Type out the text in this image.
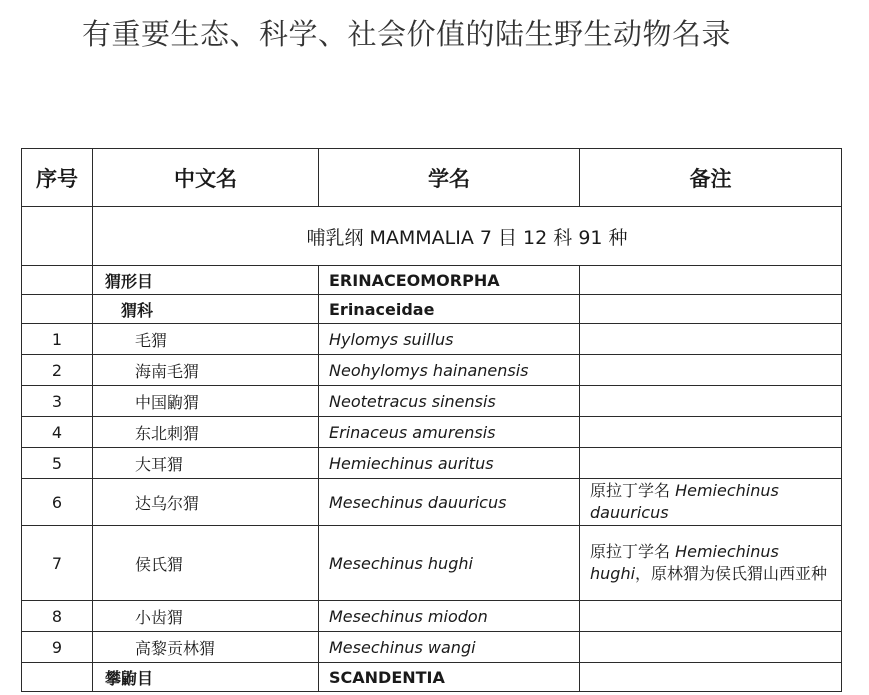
有重要生态、科学、社会价值的陆生野生动物名录
序号	中文名	学名	备注
	哺乳纲 MAMMALIA 7 目 12 科 91 种		
	猬形目	ERINACEOMORPHA	
	猬科	Erinaceidae	
1	毛猬	Hylomys suillus	
2	海南毛猬	Neohylomys hainanensis	
3	中国鼩猬	Neotetracus sinensis	
4	东北刺猬	Erinaceus amurensis	
5	大耳猬	Hemiechinus auritus	
6	达乌尔猬	Mesechinus dauuricus	原拉丁学名 Hemiechinus dauuricus
7	侯氏猬	Mesechinus hughi	原拉丁学名 Hemiechinus hughi，原林猬为侯氏猬山西亚种
8	小齿猬	Mesechinus miodon	
9	高黎贡林猬	Mesechinus wangi	
	攀鼩目	SCANDENTIA	
